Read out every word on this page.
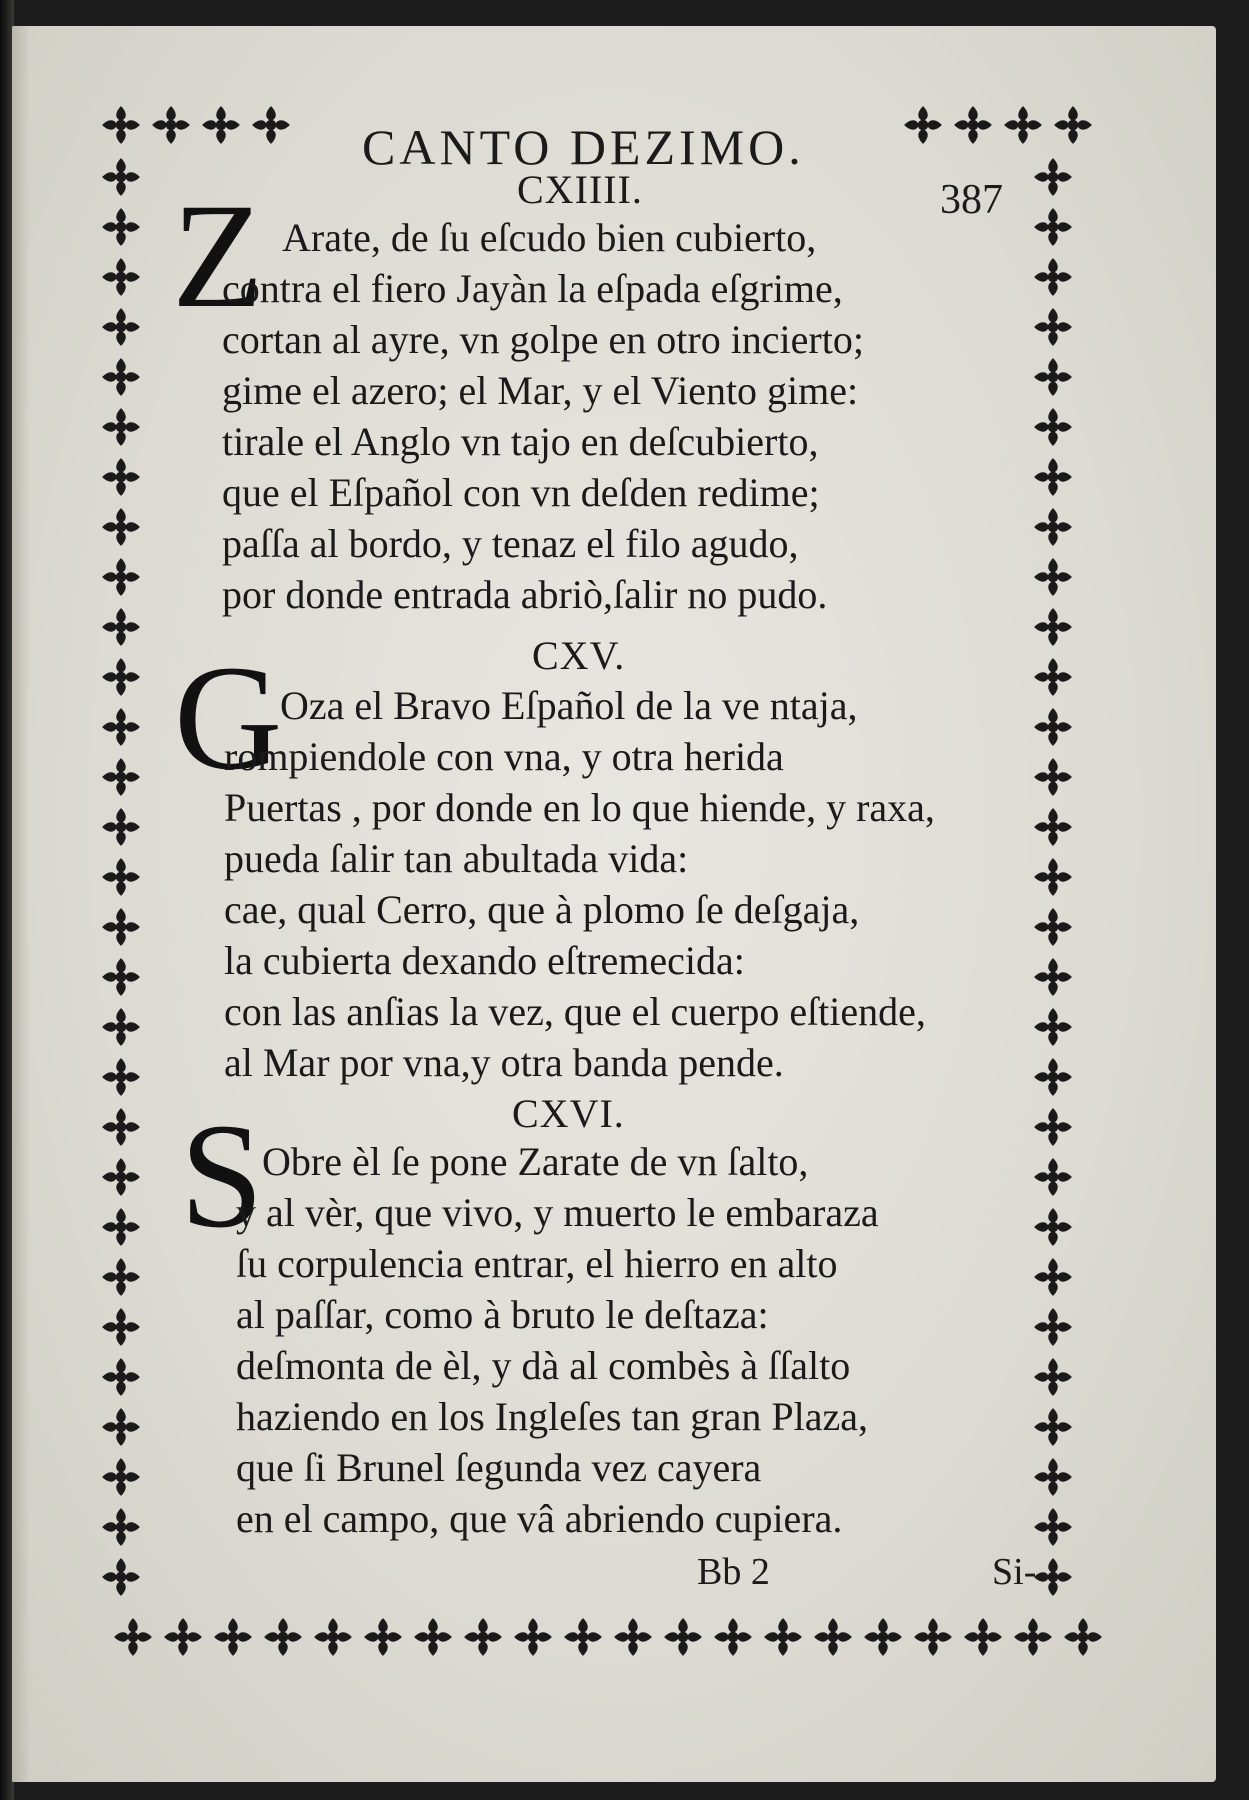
CANTO DEZIMO.
387
CXIIII.
Z Arate, de ſu eſcudo bien cubierto,
contra el fiero Jayàn la eſpada eſgrime,
cortan al ayre, vn golpe en otro incierto;
gime el azero; el Mar, y el Viento gime:
tirale el Anglo vn tajo en deſcubierto,
que el Eſpañol con vn deſden redime;
paſſa al bordo, y tenaz el filo agudo,
por donde entrada abriò,ſalir no pudo.
CXV.
G
Oza el Bravo Eſpañol de la ve ntaja,
rompiendole con vna, y otra herida
Puertas , por donde en lo que hiende, y raxa,
pueda ſalir tan abultada vida:
cae, qual Cerro, que à plomo ſe deſgaja,
la cubierta dexando eſtremecida:
con las anſias la vez, que el cuerpo eſtiende,
al Mar por vna,y otra banda pende.
CXVI.
S
Obre èl ſe pone Zarate de vn ſalto,
y al vèr, que vivo, y muerto le embaraza
ſu corpulencia entrar, el hierro en alto
al paſſar, como à bruto le deſtaza:
deſmonta de èl, y dà al combès à ſſalto
haziendo en los Ingleſes tan gran Plaza,
que ſi Brunel ſegunda vez cayera
en el campo, que vâ abriendo cupiera.
Bb 2	Si-
